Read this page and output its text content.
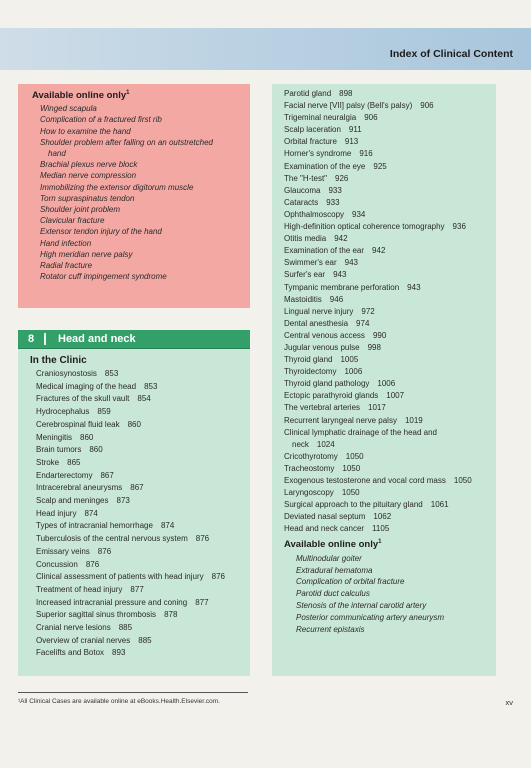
Index of Clinical Content
Available online only$^1$
Winged scapula
Complication of a fractured first rib
How to examine the hand
Shoulder problem after falling on an outstretched
hand
Brachial plexus nerve block
Median nerve compression
Immobilizing the extensor digitorum muscle
Torn supraspinatus tendon
Shoulder joint problem
Clavicular fracture
Extensor tendon injury of the hand
Hand infection
High meridian nerve palsy
Radial fracture
Rotator cuff impingement syndrome
8	Head and neck
In the Clinic
Craniosynostosis 853
Medical imaging of the head 853
Fractures of the skull vault 854
Hydrocephalus 859
Cerebrospinal fluid leak 860
Meningitis 860
Brain tumors 860
Stroke 865
Endarterectomy 867
Intracerebral aneurysms 867
Scalp and meninges 873
Head injury 874
Types of intracranial hemorrhage 874
Tuberculosis of the central nervous system 876
Emissary veins 876
Concussion 876
Clinical assessment of patients with head injury 876
Treatment of head injury 877
Increased intracranial pressure and coning 877
Superior sagittal sinus thrombosis 878
Cranial nerve lesions 885
Overview of cranial nerves 885
Facelifts and Botox 893
Parotid gland 898
Facial nerve [VII] palsy (Bell's palsy) 906
Trigeminal neuralgia 906
Scalp laceration 911
Orbital fracture 913
Horner's syndrome 916
Examination of the eye 925
The "H-test" 926
Glaucoma 933
Cataracts 933
Ophthalmoscopy 934
High-definition optical coherence tomography 936
Otitis media 942
Examination of the ear 942
Swimmer's ear 943
Surfer's ear 943
Tympanic membrane perforation 943
Mastoiditis 946
Lingual nerve injury 972
Dental anesthesia 974
Central venous access 990
Jugular venous pulse 998
Thyroid gland 1005
Thyroidectomy 1006
Thyroid gland pathology 1006
Ectopic parathyroid glands 1007
The vertebral arteries 1017
Recurrent laryngeal nerve palsy 1019
Clinical lymphatic drainage of the head and
neck 1024
Cricothyrotomy 1050
Tracheostomy 1050
Exogenous testosterone and vocal cord mass 1050
Laryngoscopy 1050
Surgical approach to the pituitary gland 1061
Deviated nasal septum 1062
Head and neck cancer 1105
Available online only$^1$
Multinodular goiter
Extradural hematoma
Complication of orbital fracture
Parotid duct calculus
Stenosis of the internal carotid artery
Posterior communicating artery aneurysm
Recurrent epistaxis
¹All Clinical Cases are available online at eBooks.Health.Elsevier.com.	xv
